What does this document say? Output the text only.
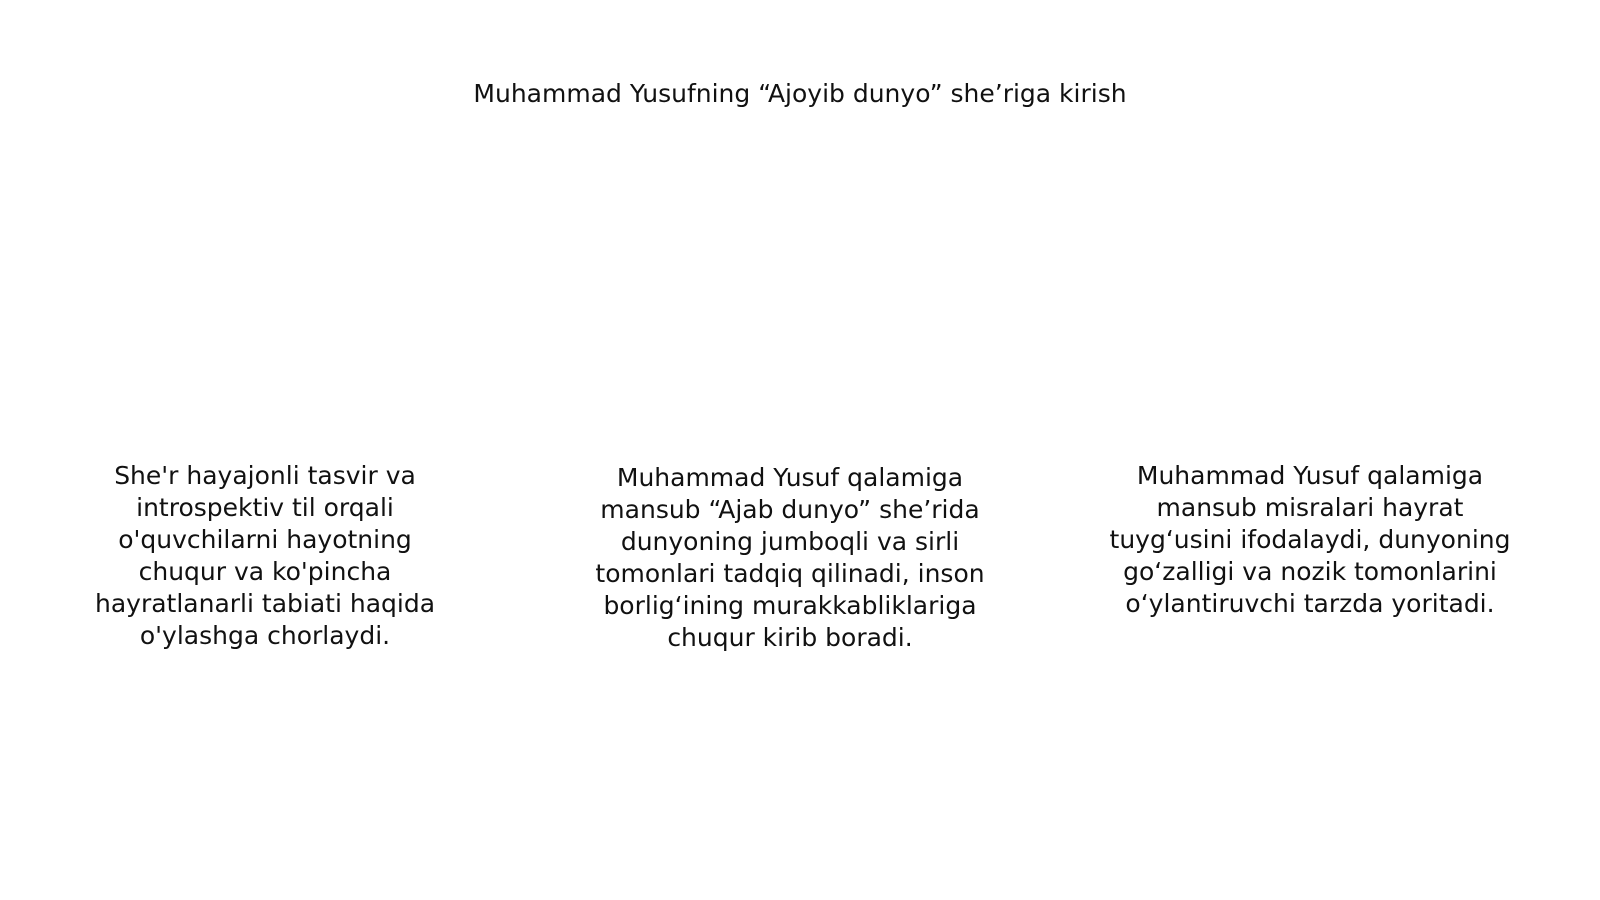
Muhammad Yusufning “Ajoyib dunyo” she’riga kirish

She'r hayajonli tasvir va introspektiv til orqali o'quvchilarni hayotning chuqur va ko'pincha hayratlanarli tabiati haqida o'ylashga chorlaydi.

Muhammad Yusuf qalamiga mansub “Ajab dunyo” she’rida dunyoning jumboqli va sirli tomonlari tadqiq qilinadi, inson borlig‘ining murakkabliklariga chuqur kirib boradi.

Muhammad Yusuf qalamiga mansub misralari hayrat tuyg‘usini ifodalaydi, dunyoning go‘zalligi va nozik tomonlarini o‘ylantiruvchi tarzda yoritadi.
